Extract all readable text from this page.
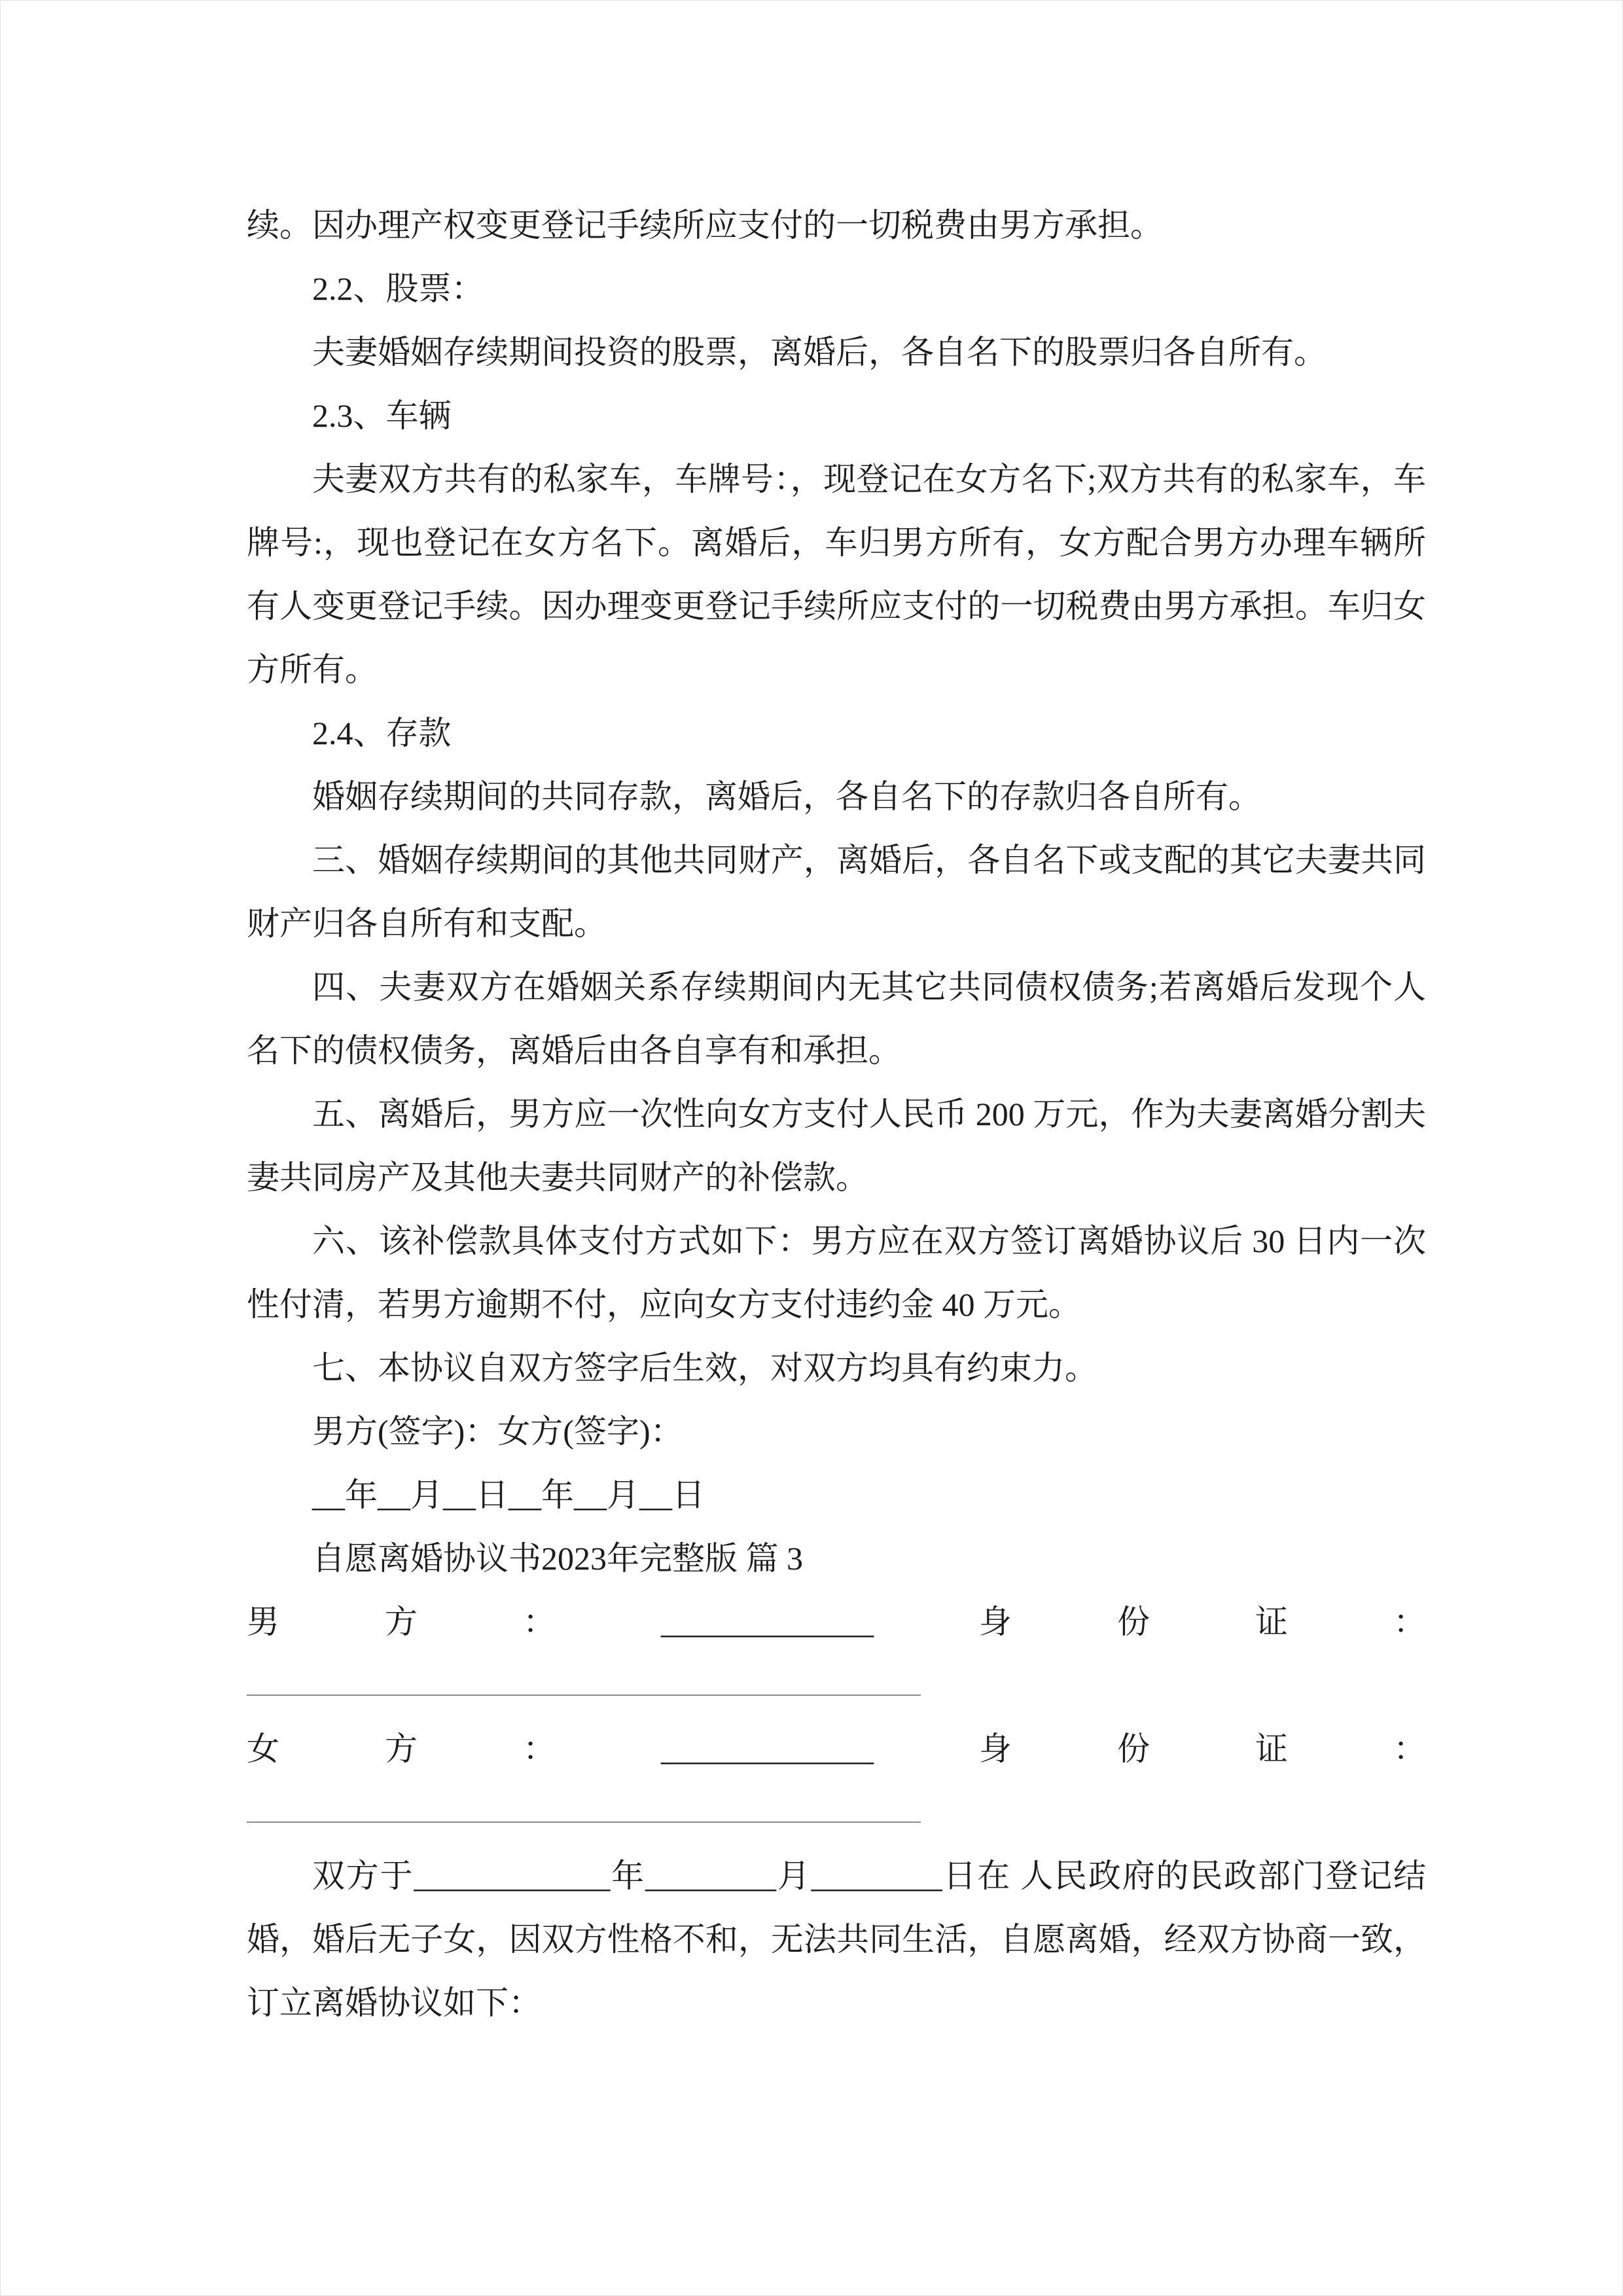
续。因办理产权变更登记手续所应支付的一切税费由男方承担。

2.2、股票：

夫妻婚姻存续期间投资的股票，离婚后，各自名下的股票归各自所有。

2.3、车辆

夫妻双方共有的私家车，车牌号：，现登记在女方名下;双方共有的私家车，车牌号:，现也登记在女方名下。离婚后，车归男方所有，女方配合男方办理车辆所有人变更登记手续。因办理变更登记手续所应支付的一切税费由男方承担。车归女方所有。

2.4、存款

婚姻存续期间的共同存款，离婚后，各自名下的存款归各自所有。

三、婚姻存续期间的其他共同财产，离婚后，各自名下或支配的其它夫妻共同财产归各自所有和支配。

四、夫妻双方在婚姻关系存续期间内无其它共同债权债务;若离婚后发现个人名下的债权债务，离婚后由各自享有和承担。

五、离婚后，男方应一次性向女方支付人民币 200 万元，作为夫妻离婚分割夫妻共同房产及其他夫妻共同财产的补偿款。

六、该补偿款具体支付方式如下：男方应在双方签订离婚协议后 30 日内一次性付清，若男方逾期不付，应向女方支付违约金 40 万元。

七、本协议自双方签字后生效，对双方均具有约束力。

男方(签字)：女方(签字)：

__年__月__日__年__月__日

自愿离婚协议书2023年完整版 篇 3

男方：_____________身份证：

女方：_____________身份证：

双方于____________年________月________日在 人民政府的民政部门登记结婚，婚后无子女，因双方性格不和，无法共同生活，自愿离婚，经双方协商一致，订立离婚协议如下：
